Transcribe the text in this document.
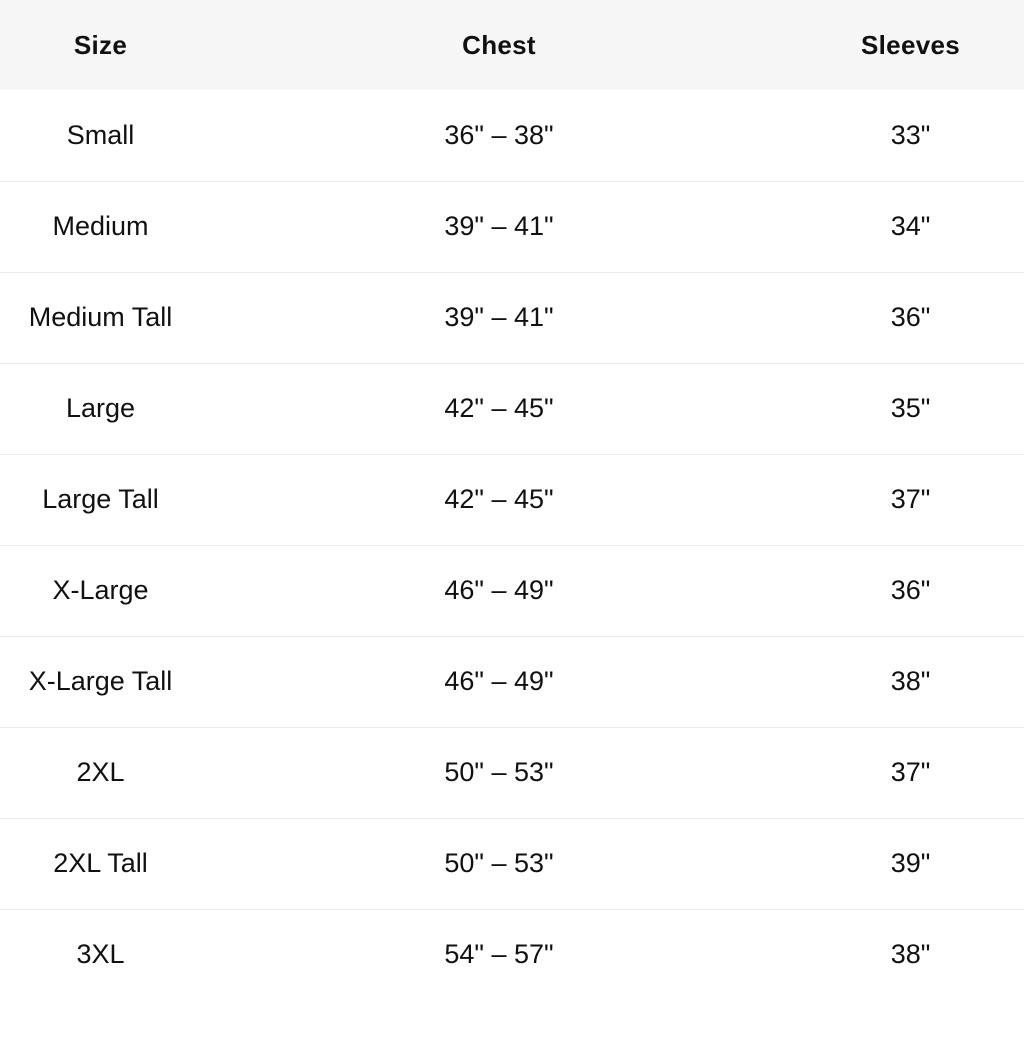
Size	Chest	Sleeves
Small	36" – 38"	33"
Medium	39" – 41"	34"
Medium Tall	39" – 41"	36"
Large	42" – 45"	35"
Large Tall	42" – 45"	37"
X-Large	46" – 49"	36"
X-Large Tall	46" – 49"	38"
2XL	50" – 53"	37"
2XL Tall	50" – 53"	39"
3XL	54" – 57"	38"
